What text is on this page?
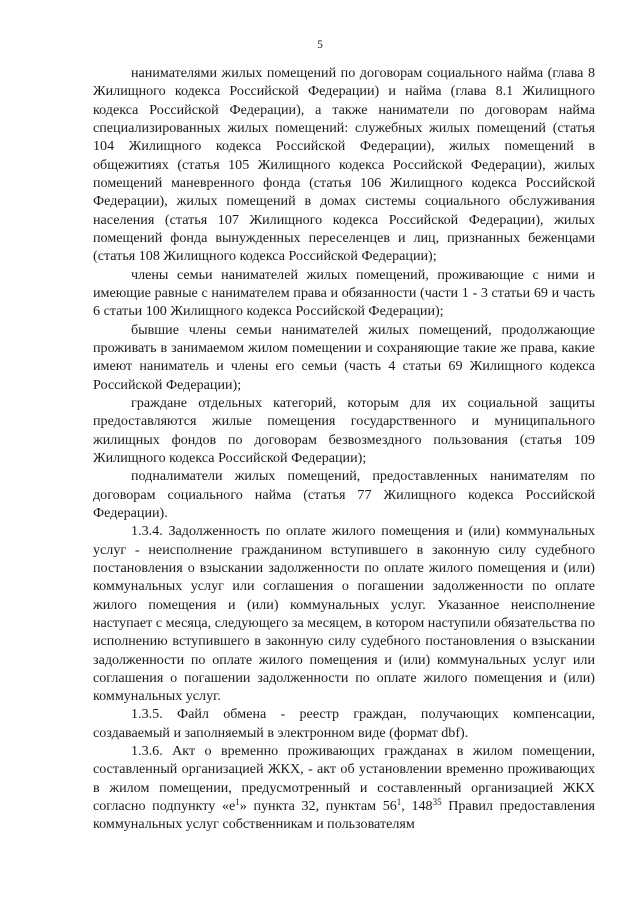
5

нанимателями жилых помещений по договорам социального найма (глава 8 Жилищного кодекса Российской Федерации) и найма (глава 8.1 Жилищного кодекса Российской Федерации), а также наниматели по договорам найма специализированных жилых помещений: служебных жилых помещений (статья 104 Жилищного кодекса Российской Федерации), жилых помещений в общежитиях (статья 105 Жилищного кодекса Российской Федерации), жилых помещений маневренного фонда (статья 106 Жилищного кодекса Российской Федерации), жилых помещений в домах системы социального обслуживания населения (статья 107 Жилищного кодекса Российской Федерации), жилых помещений фонда вынужденных переселенцев и лиц, признанных беженцами (статья 108 Жилищного кодекса Российской Федерации);

члены семьи нанимателей жилых помещений, проживающие с ними и имеющие равные с нанимателем права и обязанности (части 1 - 3 статьи 69 и часть 6 статьи 100 Жилищного кодекса Российской Федерации);

бывшие члены семьи нанимателей жилых помещений, продолжающие проживать в занимаемом жилом помещении и сохраняющие такие же права, какие имеют наниматель и члены его семьи (часть 4 статьи 69 Жилищного кодекса Российской Федерации);

граждане отдельных категорий, которым для их социальной защиты предоставляются жилые помещения государственного и муниципального жилищных фондов по договорам безвозмездного пользования (статья 109 Жилищного кодекса Российской Федерации);

подналиматели жилых помещений, предоставленных нанимателям по договорам социального найма (статья 77 Жилищного кодекса Российской Федерации).

1.3.4. Задолженность по оплате жилого помещения и (или) коммунальных услуг - неисполнение гражданином вступившего в законную силу судебного постановления о взыскании задолженности по оплате жилого помещения и (или) коммунальных услуг или соглашения о погашении задолженности по оплате жилого помещения и (или) коммунальных услуг. Указанное неисполнение наступает с месяца, следующего за месяцем, в котором наступили обязательства по исполнению вступившего в законную силу судебного постановления о взыскании задолженности по оплате жилого помещения и (или) коммунальных услуг или соглашения о погашении задолженности по оплате жилого помещения и (или) коммунальных услуг.

1.3.5. Файл обмена - реестр граждан, получающих компенсации, создаваемый и заполняемый в электронном виде (формат dbf).

1.3.6. Акт о временно проживающих гражданах в жилом помещении, составленный организацией ЖКХ, - акт об установлении временно проживающих в жилом помещении, предусмотренный и составленный организацией ЖКХ согласно подпункту «$е^1$» пункта 32, пунктам $56^1$, $148^{35}$ Правил предоставления коммунальных услуг собственникам и пользователям
